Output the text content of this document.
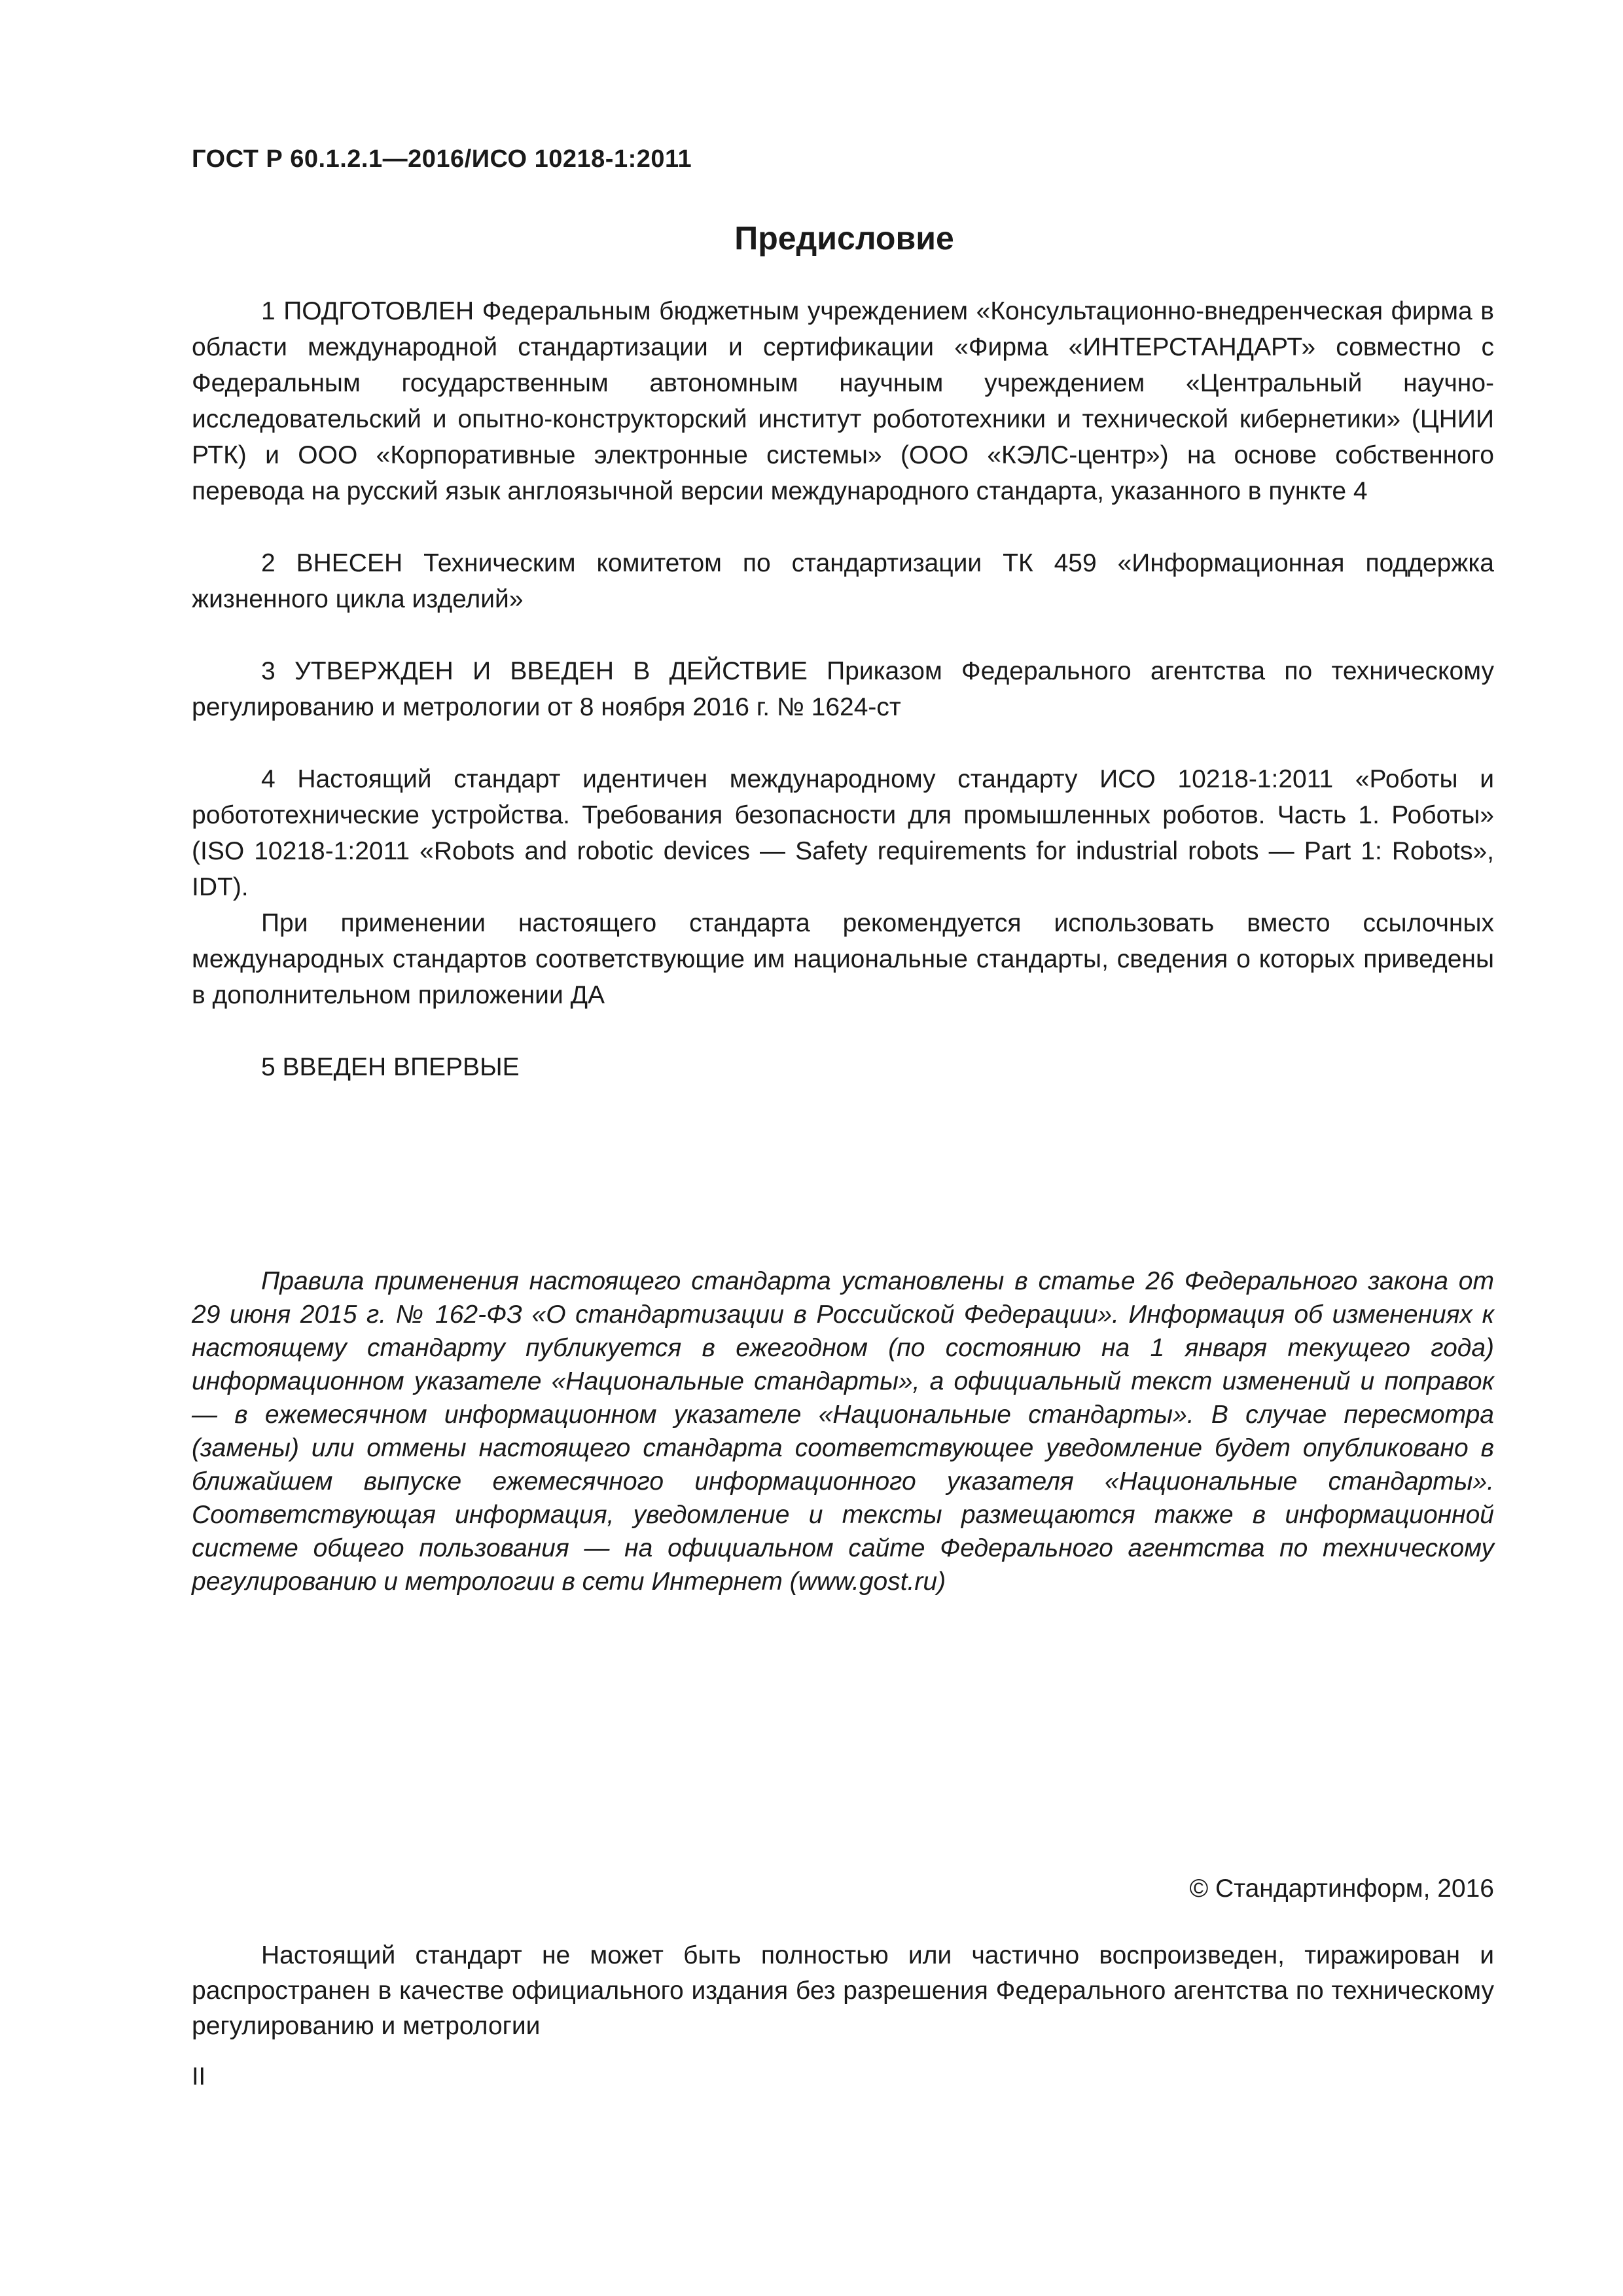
ГОСТ Р 60.1.2.1—2016/ИСО 10218-1:2011
Предисловие

1 ПОДГОТОВЛЕН Федеральным бюджетным учреждением «Консультационно-внедренческая фирма в области международной стандартизации и сертификации «Фирма «ИНТЕРСТАНДАРТ» совместно с Федеральным государственным автономным научным учреждением «Центральный научно-исследовательский и опытно-конструкторский институт робототехники и технической кибернетики» (ЦНИИ РТК) и ООО «Корпоративные электронные системы» (ООО «КЭЛС-центр») на основе собственного перевода на русский язык англоязычной версии международного стандарта, указанного в пункте 4

2 ВНЕСЕН Техническим комитетом по стандартизации ТК 459 «Информационная поддержка жизненного цикла изделий»

3 УТВЕРЖДЕН И ВВЕДЕН В ДЕЙСТВИЕ Приказом Федерального агентства по техническому регулированию и метрологии от 8 ноября 2016 г. № 1624-ст

4 Настоящий стандарт идентичен международному стандарту ИСО 10218-1:2011 «Роботы и робототехнические устройства. Требования безопасности для промышленных роботов. Часть 1. Роботы» (ISO 10218-1:2011 «Robots and robotic devices — Safety requirements for industrial robots — Part 1: Robots», IDT).

При применении настоящего стандарта рекомендуется использовать вместо ссылочных международных стандартов соответствующие им национальные стандарты, сведения о которых приведены в дополнительном приложении ДА

5 ВВЕДЕН ВПЕРВЫЕ

Правила применения настоящего стандарта установлены в статье 26 Федерального закона от 29 июня 2015 г. № 162-ФЗ «О стандартизации в Российской Федерации». Информация об изменениях к настоящему стандарту публикуется в ежегодном (по состоянию на 1 января текущего года) информационном указателе «Национальные стандарты», а официальный текст изменений и поправок — в ежемесячном информационном указателе «Национальные стандарты». В случае пересмотра (замены) или отмены настоящего стандарта соответствующее уведомление будет опубликовано в ближайшем выпуске ежемесячного информационного указателя «Национальные стандарты». Соответствующая информация, уведомление и тексты размещаются также в информационной системе общего пользования — на официальном сайте Федерального агентства по техническому регулированию и метрологии в сети Интернет (www.gost.ru)
© Стандартинформ, 2016
Настоящий стандарт не может быть полностью или частично воспроизведен, тиражирован и распространен в качестве официального издания без разрешения Федерального агентства по техническому регулированию и метрологии
II
